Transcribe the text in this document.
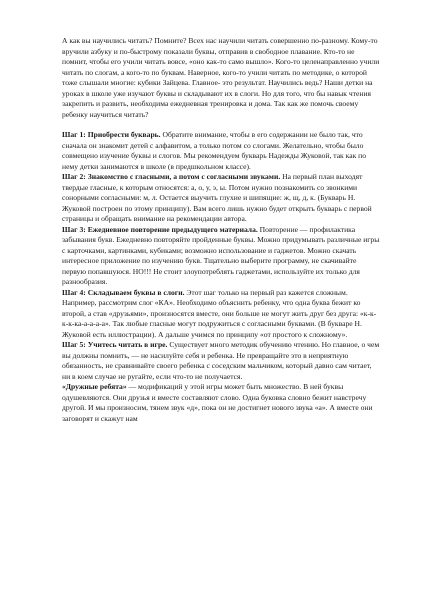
А как вы научились читать? Помните? Всех нас научили читать совершенно по-разному. Кому-то вручили азбуку и по-быстрому показали буквы, отправив в свободное плавание. Кто-то не помнит, чтобы его учили читать вовсе, «оно как-то само вышло». Кого-то целенаправленно учили читать по слогам, а кого-то по буквам. Наверное, кого-то учили читать по методике, о которой тоже слышали многие: кубики Зайцева. Главное- это результат. Научились ведь? Наши детки на уроках в школе уже изучают буквы и складывают их в слоги. Но для того, что бы навык чтения закрепить и развить, необходима ежедневная тренировка и дома. Так как же помочь своему ребенку научиться читать?

Шаг 1: Приобрести букварь. Обратите внимание, чтобы в его содержании не было так, что сначала он знакомит детей с алфавитом, а только потом со слогами. Желательно, чтобы было совмещено изучение буквы и слогов. Мы рекомендуем букварь Надежды Жуковой, так как по нему детки занимаются в школе (в предшкольном классе).

Шаг 2: Знакомство с гласными, а потом с согласными звуками. На первый план выходят твердые гласные, к которым относятся: а, о, у, э, ы. Потом нужно познакомить со звонкими сонорными согласными: м, л. Остается выучить глухие и шипящие: ж, щ, д, к. (Букварь Н. Жуковой построен по этому принципу). Вам всего лишь нужно будет открыть букварь с первой страницы и обращать внимание на рекомендации автора.

Шаг 3: Ежедневное повторение предыдущего материала. Повторение — профилактика забывания букв. Ежедневно повторяйте пройденные буквы. Можно придумывать различные игры с карточками, картинками, кубиками; возможно использование и гаджетов. Можно скачать интересное приложение по изучению букв. Тщательно выберите программу, не скачивайте первую попавшуюся. НО!!! Не стоит злоупотреблять гаджетами, используйте их только для разнообразия.

Шаг 4: Складываем буквы в слоги. Этот шаг только на первый раз кажется сложным. Например, рассмотрим слог «КА». Необходимо объяснить ребенку, что одна буква бежит ко второй, а став «друзьями», произносятся вместе, они больше не могут жить друг без друга: «к-к-к-к-ка-а-а-а-а». Так любые гласные могут подружиться с согласными буквами. (В букваре Н. Жуковой есть иллюстрации). А дальше учимся по принципу «от простого к сложному».

Шаг 5: Учитесь читать в игре. Существует много методик обучению чтению. Но главное, о чем вы должны помнить, — не насилуйте себя и ребенка. Не превращайте это в неприятную обязанность, не сравнивайте своего ребенка с соседским мальчиком, который давно сам читает, ни в коем случае не ругайте, если что-то не получается.

«Дружные ребята» — модификаций у этой игры может быть множество. В ней буквы одушевляются. Они друзья и вместе составляют слово. Одна буковка словно бежит навстречу другой. И мы произносим, тянем звук «д», пока он не достигнет нового звука «а». А вместе они заговорят и скажут нам
